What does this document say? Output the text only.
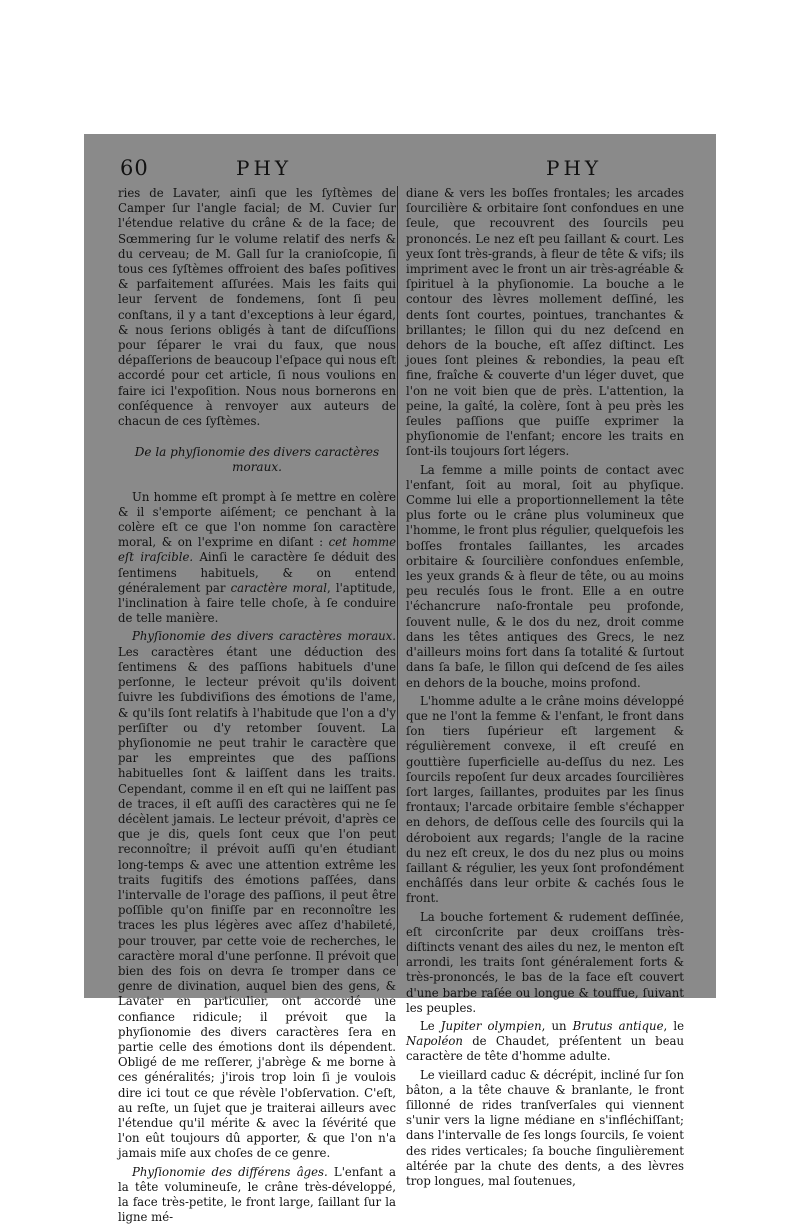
60	PHY	PHY

ries de Lavater, ainſi que les ſyſtèmes de Camper ſur l'angle facial; de M. Cuvier ſur l'étendue relative du crâne & de la face; de Sœmmering ſur le volume relatif des nerfs & du cerveau; de M. Gall ſur la cranioſcopie, ſi tous ces ſyſtèmes offroient des baſes poſitives & parfaitement aſſurées. Mais les faits qui leur ſervent de fondemens, ſont ſi peu conſtans, il y a tant d'exceptions à leur égard, & nous ſerions obligés à tant de diſcuſſions pour ſéparer le vrai du faux, que nous dépaſſerions de beaucoup l'eſpace qui nous eſt accordé pour cet article, ſi nous voulions en faire ici l'expoſition. Nous nous bornerons en conſéquence à renvoyer aux auteurs de chacun de ces ſyſtèmes.

De la phyſionomie des divers caractères moraux.

Un homme eſt prompt à ſe mettre en colère & il s'emporte aiſément; ce penchant à la colère eſt ce que l'on nomme ſon caractère moral, & on l'exprime en diſant : cet homme eſt iraſcible. Ainſi le caractère ſe déduit des ſentimens habituels, & on entend généralement par caractère moral, l'aptitude, l'inclination à faire telle choſe, à ſe conduire de telle manière.

Phyſionomie des divers caractères moraux. Les caractères étant une déduction des ſentimens & des paſſions habituels d'une perſonne, le lecteur prévoit qu'ils doivent ſuivre les ſubdiviſions des émotions de l'ame, & qu'ils ſont relatifs à l'habitude que l'on a d'y perſiſter ou d'y retomber ſouvent. La phyſionomie ne peut trahir le caractère que par les empreintes que des paſſions habituelles ſont & laiſſent dans les traits. Cependant, comme il en eſt qui ne laiſſent pas de traces, il eſt auſſi des caractères qui ne ſe décèlent jamais. Le lecteur prévoit, d'après ce que je dis, quels ſont ceux que l'on peut reconnoître; il prévoit auſſi qu'en étudiant long-temps & avec une attention extrême les traits fugitifs des émotions paſſées, dans l'intervalle de l'orage des paſſions, il peut être poſſible qu'on finiſſe par en reconnoître les traces les plus légères avec aſſez d'habileté, pour trouver, par cette voie de recherches, le caractère moral d'une perſonne. Il prévoit que bien des fois on devra ſe tromper dans ce genre de divination, auquel bien des gens, & Lavater en particulier, ont accordé une confiance ridicule; il prévoit que la phyſionomie des divers caractères ſera en partie celle des émotions dont ils dépendent. Obligé de me reſſerer, j'abrège & me borne à ces généralités; j'irois trop loin ſi je voulois dire ici tout ce que révèle l'obſervation. C'eſt, au reſte, un ſujet que je traiterai ailleurs avec l'étendue qu'il mérite & avec la ſévérité que l'on eût toujours dû apporter, & que l'on n'a jamais miſe aux choſes de ce genre.

Phyſionomie des différens âges. L'enfant a la tête volumineuſe, le crâne très-développé, la face très-petite, le front large, ſaillant ſur la ligne mé-

diane & vers les boſſes frontales; les arcades ſourcilière & orbitaire ſont confondues en une ſeule, que recouvrent des ſourcils peu prononcés. Le nez eſt peu ſaillant & court. Les yeux ſont très-grands, à fleur de tête & vifs; ils impriment avec le front un air très-agréable & ſpirituel à la phyſionomie. La bouche a le contour des lèvres mollement deſſiné, les dents ſont courtes, pointues, tranchantes & brillantes; le ſillon qui du nez deſcend en dehors de la bouche, eſt aſſez diſtinct. Les joues ſont pleines & rebondies, la peau eſt fine, fraîche & couverte d'un léger duvet, que l'on ne voit bien que de près. L'attention, la peine, la gaîté, la colère, ſont à peu près les ſeules paſſions que puiſſe exprimer la phyſionomie de l'enfant; encore les traits en ſont-ils toujours ſort légers.

La femme a mille points de contact avec l'enfant, ſoit au moral, ſoit au phyſique. Comme lui elle a proportionnellement la tête plus forte ou le crâne plus volumineux que l'homme, le front plus régulier, quelquefois les boſſes frontales ſaillantes, les arcades orbitaire & ſourcilière confondues enſemble, les yeux grands & à fleur de tête, ou au moins peu reculés ſous le front. Elle a en outre l'échancrure naſo-frontale peu profonde, ſouvent nulle, & le dos du nez, droit comme dans les têtes antiques des Grecs, le nez d'ailleurs moins fort dans ſa totalité & ſurtout dans ſa baſe, le ſillon qui deſcend de ſes ailes en dehors de la bouche, moins profond.

L'homme adulte a le crâne moins développé que ne l'ont la femme & l'enfant, le front dans ſon tiers ſupérieur eſt largement & régulièrement convexe, il eſt creuſé en gouttière ſuperficielle au-deſſus du nez. Les ſourcils repoſent ſur deux arcades ſourcilières ſort larges, ſaillantes, produites par les ſinus frontaux; l'arcade orbitaire ſemble s'échapper en dehors, de deſſous celle des ſourcils qui la déroboient aux regards; l'angle de la racine du nez eſt creux, le dos du nez plus ou moins ſaillant & régulier, les yeux ſont profondément enchâſſés dans leur orbite & cachés ſous le front.

La bouche fortement & rudement deſſinée, eſt circonſcrite par deux croiſſans très-diſtincts venant des ailes du nez, le menton eſt arrondi, les traits ſont généralement forts & très-prononcés, le bas de la face eſt couvert d'une barbe raſée ou longue & touffue, ſuivant les peuples.

Le Jupiter olympien, un Brutus antique, le Napoléon de Chaudet, préſentent un beau caractère de tête d'homme adulte.

Le vieillard caduc & décrépit, incliné ſur ſon bâton, a la tête chauve & branlante, le front ſillonné de rides tranſverſales qui viennent s'unir vers la ligne médiane en s'infléchiſſant; dans l'intervalle de ſes longs ſourcils, ſe voient des rides verticales; ſa bouche ſingulièrement altérée par la chute des dents, a des lèvres trop longues, mal ſoutenues,
